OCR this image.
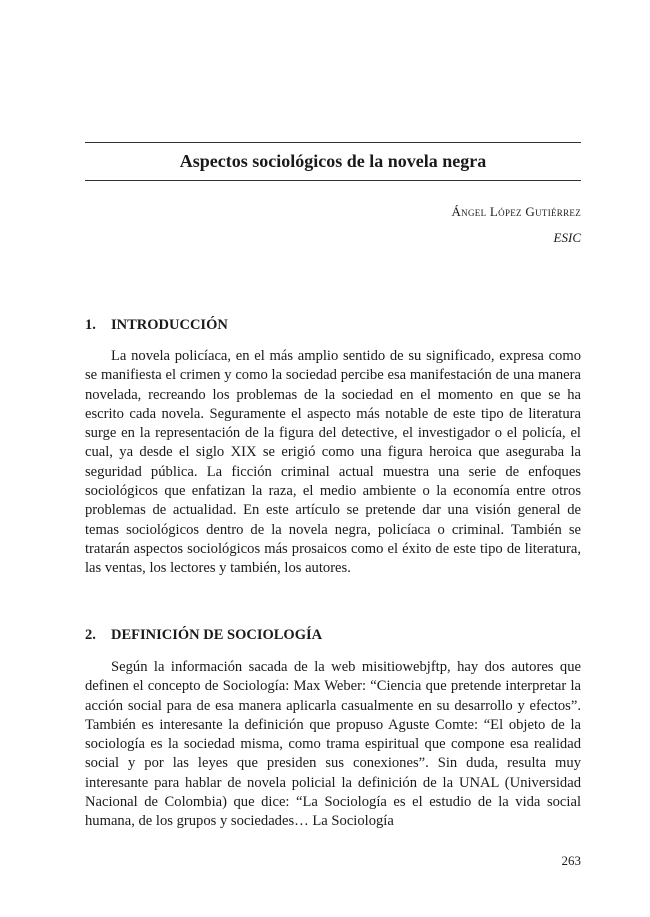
Aspectos sociológicos de la novela negra

Ángel López Gutiérrez

ESIC

1. INTRODUCCIÓN

La novela policíaca, en el más amplio sentido de su significado, expresa como se manifiesta el crimen y como la sociedad percibe esa manifestación de una manera novelada, recreando los problemas de la sociedad en el momento en que se ha escrito cada novela. Seguramente el aspecto más notable de este tipo de literatura surge en la representación de la figura del detective, el investigador o el policía, el cual, ya desde el siglo XIX se erigió como una figura heroica que aseguraba la seguridad pública. La ficción criminal actual muestra una serie de enfoques sociológicos que enfatizan la raza, el medio ambiente o la economía entre otros problemas de actualidad. En este artículo se pretende dar una visión general de temas sociológicos dentro de la novela negra, policíaca o criminal. También se tratarán aspectos sociológicos más prosaicos como el éxito de este tipo de literatura, las ventas, los lectores y también, los autores.

2. DEFINICIÓN DE SOCIOLOGÍA

Según la información sacada de la web misitiowebjftp, hay dos autores que definen el concepto de Sociología: Max Weber: “Ciencia que pretende interpretar la acción social para de esa manera aplicarla casualmente en su desarrollo y efectos”. También es interesante la definición que propuso Aguste Comte: “El objeto de la sociología es la sociedad misma, como trama espiritual que compone esa realidad social y por las leyes que presiden sus conexiones”. Sin duda, resulta muy interesante para hablar de novela policial la definición de la UNAL (Universidad Nacional de Colombia) que dice: “La Sociología es el estudio de la vida social humana, de los grupos y sociedades… La Sociología

263
